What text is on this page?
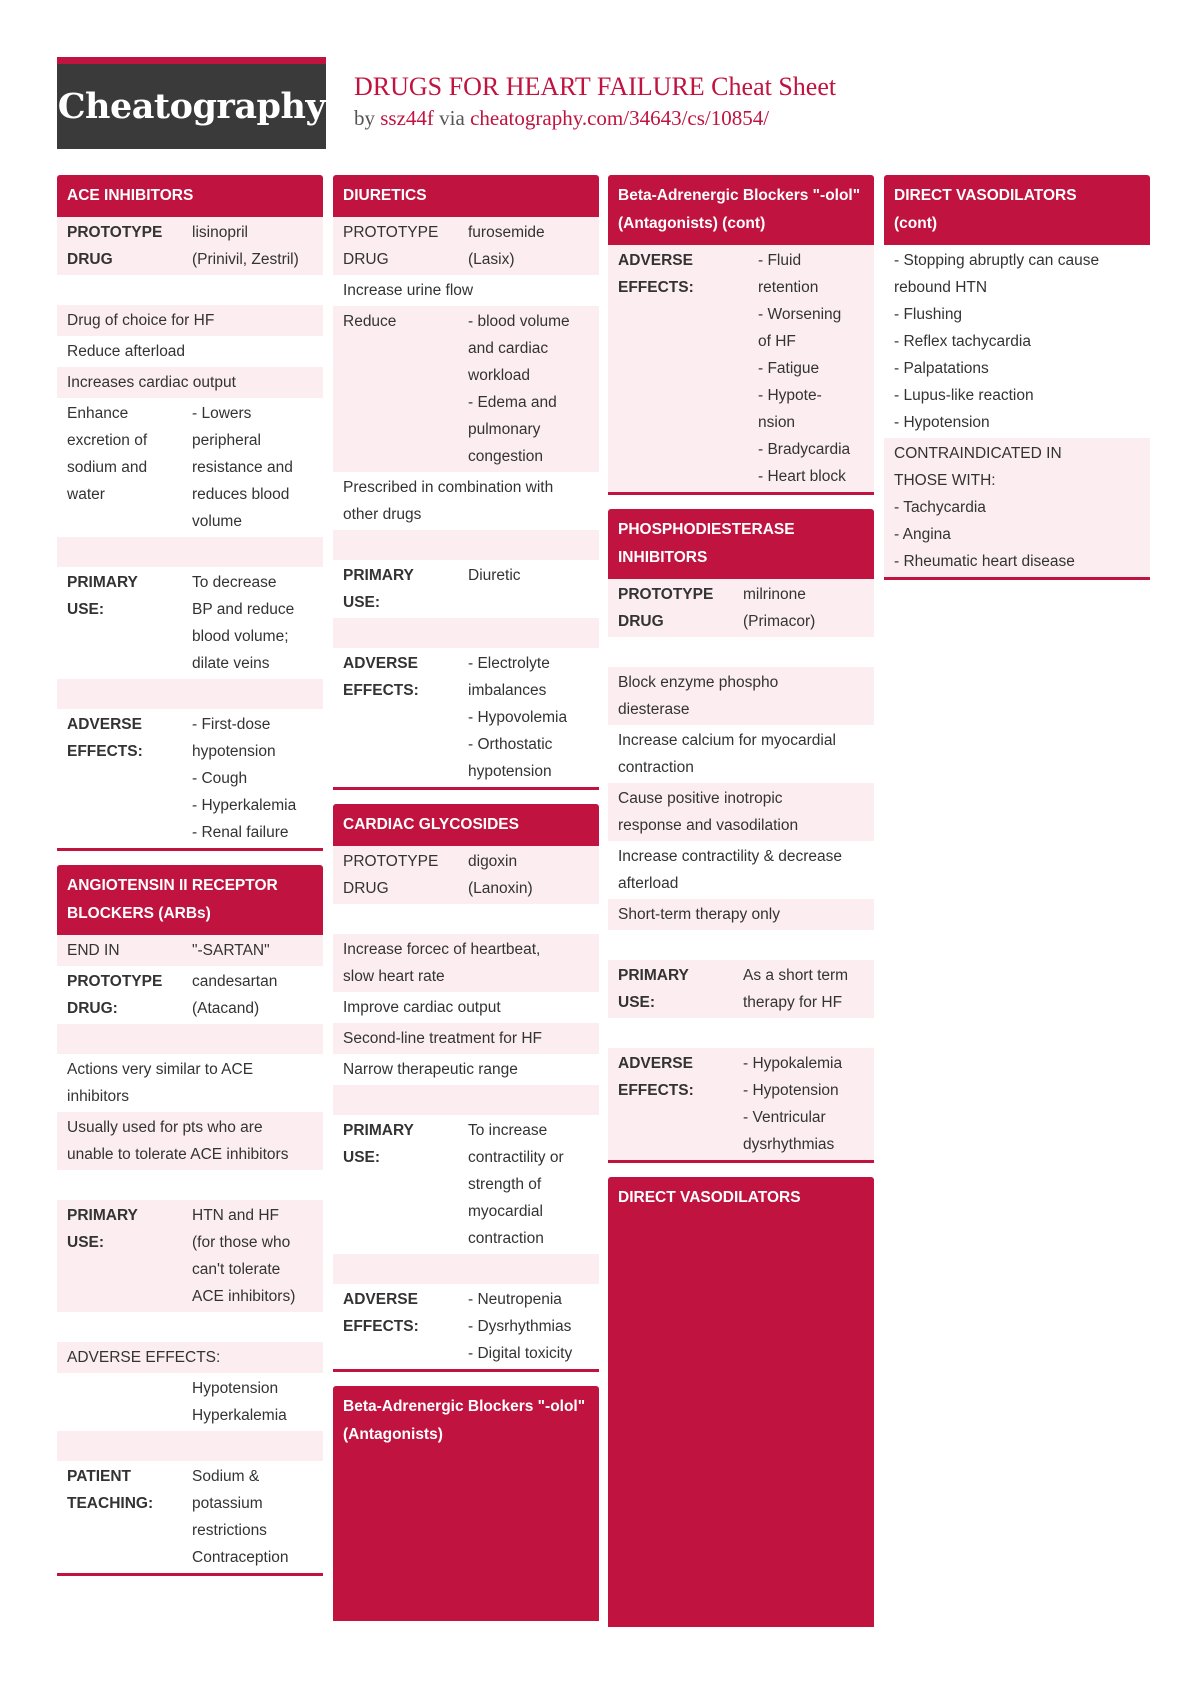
Cheatography DRUGS FOR HEART FAILURE Cheat Sheet
by ssz44f via cheatography.com/34643/cs/10854/
ACE INHIBITORS
PROTOTYPE
DRUG
lisinopril
(Prinivil, Zestril)
Drug of choice for HF
Reduce afterload
Increases cardiac output
Enhance
excretion of
sodium and
water
- Lowers
peripheral
resistance and
reduces blood
volume
PRIMARY
USE:
To decrease
BP and reduce
blood volume;
dilate veins
ADVERSE
EFFECTS:
- First-dose
hypotension
- Cough
- Hyperkalemia
- Renal failure
ANGIOTENSIN II RECEPTOR
BLOCKERS (ARBs)
END IN	"-SARTAN"
PROTOTYPE
DRUG:
candesartan
(Atacand)
Actions very similar to ACE
inhibitors
Usually used for pts who are
unable to tolerate ACE inhibitors
PRIMARY
USE:
HTN and HF
(for those who
can't tolerate
ACE inhibitors)
ADVERSE EFFECTS:
Hypotension
Hyperkalemia
PATIENT
TEACHING:
Sodium &
potassium
restrictions
Contraception
DIURETICS
PROTOTYPE
DRUG
furosemide
(Lasix)
Increase urine flow
Reduce	- blood volume
and cardiac
workload
- Edema and
pulmonary
congestion
Prescribed in combination with
other drugs
PRIMARY
USE:
Diuretic
ADVERSE
EFFECTS:
- Electrolyte
imbalances
- Hypovolemia
- Orthostatic
hypotension
CARDIAC GLYCOSIDES
PROTOTYPE
DRUG
digoxin
(Lanoxin)
Increase forcec of heartbeat,
slow heart rate
Improve cardiac output
Second-line treatment for HF
Narrow therapeutic range
PRIMARY
USE:
To increase
contractility or
strength of
myocardial
contraction
ADVERSE
EFFECTS:
- Neutropenia
- Dysrhythmias
- Digital toxicity
Beta-Adrenergic Blockers "-olol"
(Antagonists)
Beta-Adrenergic Blockers "-olol"
(Antagonists) (cont)
ADVERSE
EFFECTS:
- Fluid
retention
- Worsening
of HF
- Fatigue
- Hypote-
nsion
- Bradycardia
- Heart block
PHOSPHODIESTERASE
INHIBITORS
PROTOTYPE
DRUG
milrinone
(Primacor)
Block enzyme phospho
diesterase
Increase calcium for myocardial
contraction
Cause positive inotropic
response and vasodilation
Increase contractility & decrease
afterload
Short-term therapy only
PRIMARY
USE:
As a short term
therapy for HF
ADVERSE
EFFECTS:
- Hypokalemia
- Hypotension
- Ventricular
dysrhythmias
DIRECT VASODILATORS
DIRECT VASODILATORS
(cont)
- Stopping abruptly can cause
rebound HTN
- Flushing
- Reflex tachycardia
- Palpatations
- Lupus-like reaction
- Hypotension
CONTRAINDICATED IN
THOSE WITH:
- Tachycardia
- Angina
- Rheumatic heart disease
